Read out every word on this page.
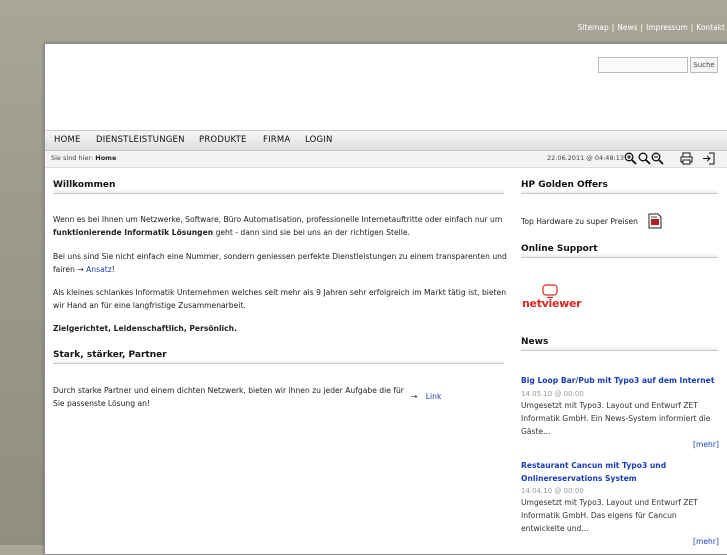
Sitemap | News | Impressum | Kontakt
Suche
HOME DIENSTLEISTUNGEN PRODUKTE FIRMA LOGIN
Sie sind hier: Home	22.06.2011 @ 04:48:13
Willkommen
Wenn es bei Ihnen um Netzwerke, Software, Büro Automatisation, professionelle Internetauftritte oder einfach nur um funktionierende Informatik Lösungen geht - dann sind sie bei uns an der richtigen Stelle.
Bei uns sind Sie nicht einfach eine Nummer, sondern geniessen perfekte Dienstleistungen zu einem transparenten und fairen → Ansatz!
Als kleines schlankes Informatik Unternehmen welches seit mehr als 9 Jahren sehr erfolgreich im Markt tätig ist, bieten wir Hand an für eine langfristige Zusammenarbeit.
Zielgerichtet, Leidenschaftlich, Persönlich.
Stark, stärker, Partner
Durch starke Partner und einem dichten Netzwerk, bieten wir ihnen zu jeder Aufgabe die für Sie passenste Lösung an!
→ Link
HP Golden Offers
Top Hardware zu super Preisen
Online Support
netviewer
News
Big Loop Bar/Pub mit Typo3 auf dem Internet
14.05.10 @ 00:00
Umgesetzt mit Typo3. Layout und Entwurf ZET Informatik GmbH. Ein News-System informiert die Gäste...
[mehr]
Restaurant Cancun mit Typo3 und Onlinereservations System
14.04.10 @ 00:00
Umgesetzt mit Typo3. Layout und Entwurf ZET Informatik GmbH. Das eigens für Cancun entwickelte und...
[mehr]
